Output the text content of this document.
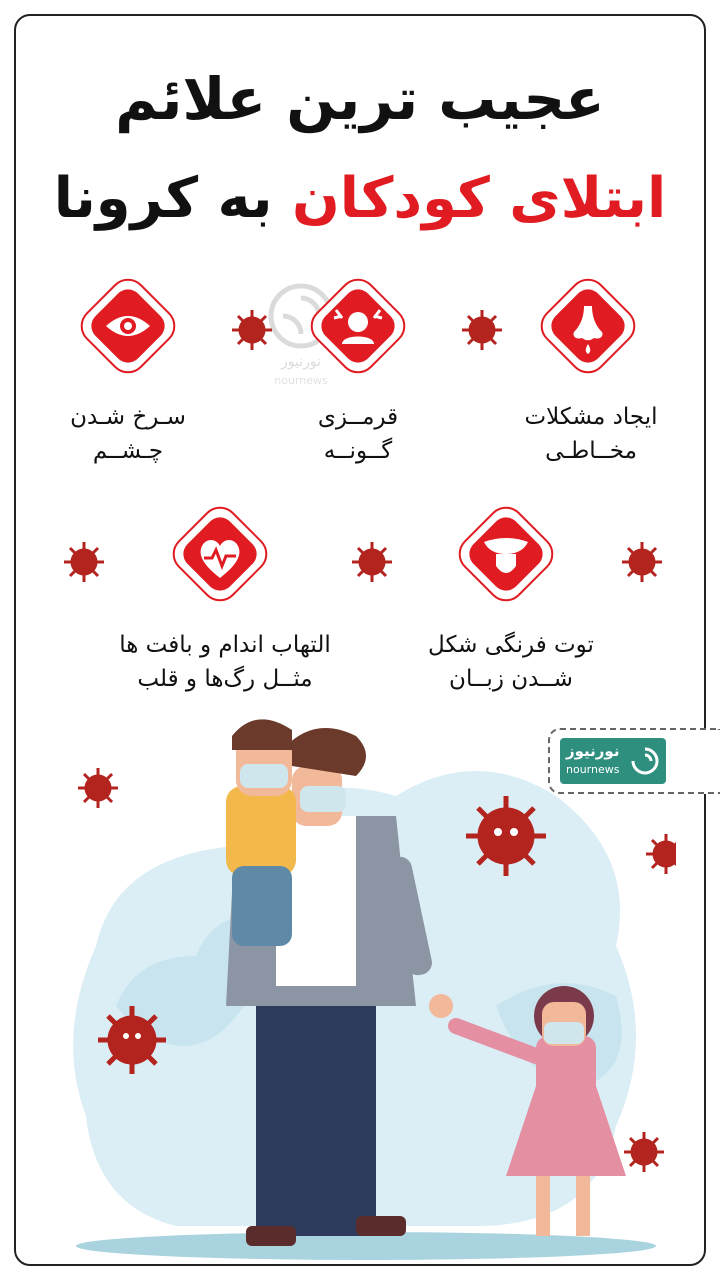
عجیب ترین علائم
ابتلای کودکان به کرونا
نورنیوز
nournews
ایجاد مشکلات
مخــاطـی
قرمــزی
گــونــه
سـرخ شـدن
چـشــم
توت فرنگی شکل
شــدن زبــان
التهاب اندام و بافت ها
مثــل رگ‌ها و قلب
نورنیوز
nournews
